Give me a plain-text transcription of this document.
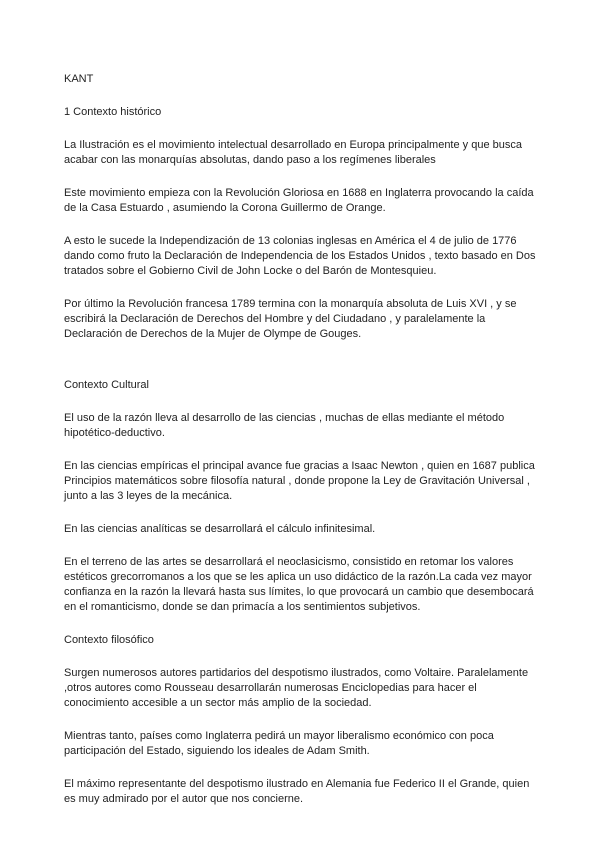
KANT
1 Contexto histórico
La Ilustración es el movimiento intelectual desarrollado en Europa principalmente y que busca
acabar con las monarquías absolutas, dando paso a los regímenes liberales
Este movimiento empieza con la Revolución Gloriosa en 1688 en Inglaterra provocando la caída
de la Casa Estuardo , asumiendo la Corona Guillermo de Orange.
A esto le sucede la Independización de 13 colonias inglesas en América el 4 de julio de 1776
dando como fruto la Declaración de Independencia de los Estados Unidos , texto basado en Dos
tratados sobre el Gobierno Civil de John Locke o del Barón de Montesquieu.
Por último la Revolución francesa 1789 termina con la monarquía absoluta de Luis XVI , y se
escribirá la Declaración de Derechos del Hombre y del Ciudadano , y paralelamente la
Declaración de Derechos de la Mujer de Olympe de Gouges.
Contexto Cultural
El uso de la razón lleva al desarrollo de las ciencias , muchas de ellas mediante el método
hipotético-deductivo.
En las ciencias empíricas el principal avance fue gracias a Isaac Newton , quien en 1687 publica
Principios matemáticos sobre filosofía natural , donde propone la Ley de Gravitación Universal ,
junto a las 3 leyes de la mecánica.
En las ciencias analíticas se desarrollará el cálculo infinitesimal.
En el terreno de las artes se desarrollará el neoclasicismo, consistido en retomar los valores
estéticos grecorromanos a los que se les aplica un uso didáctico de la razón.La cada vez mayor
confianza en la razón la llevará hasta sus límites, lo que provocará un cambio que desembocará
en el romanticismo, donde se dan primacía a los sentimientos subjetivos.
Contexto filosófico
Surgen numerosos autores partidarios del despotismo ilustrados, como Voltaire. Paralelamente
,otros autores como Rousseau desarrollarán numerosas Enciclopedias para hacer el
conocimiento accesible a un sector más amplio de la sociedad.
Mientras tanto, países como Inglaterra pedirá un mayor liberalismo económico con poca
participación del Estado, siguiendo los ideales de Adam Smith.
El máximo representante del despotismo ilustrado en Alemania fue Federico II el Grande, quien
es muy admirado por el autor que nos concierne.
